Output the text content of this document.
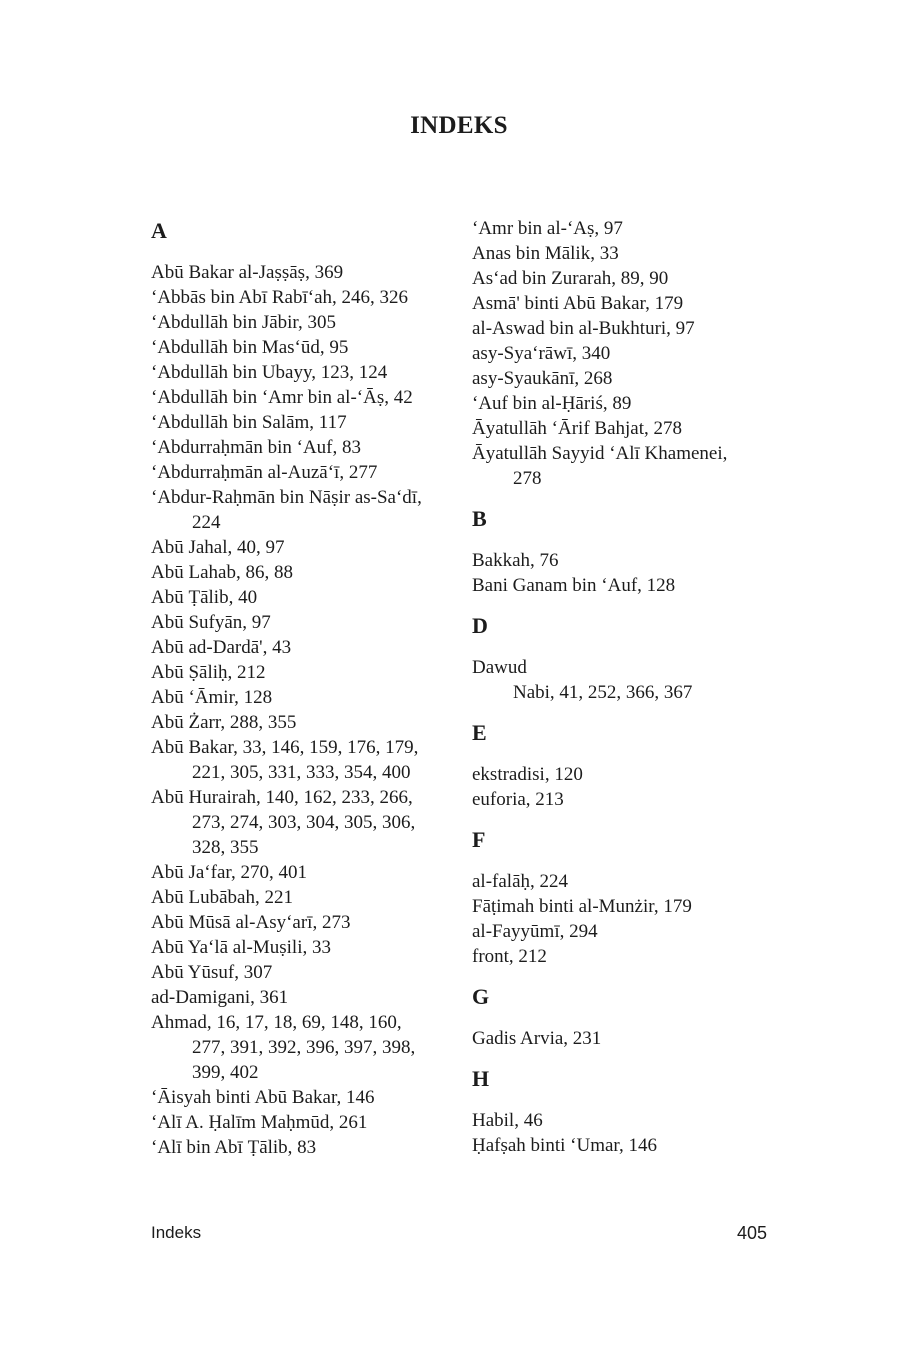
INDEKS
A
Abū Bakar al-Jaṣṣāṣ, 369
‘Abbās bin Abī Rabī‘ah, 246, 326
‘Abdullāh bin Jābir, 305
‘Abdullāh bin Mas‘ūd, 95
‘Abdullāh bin Ubayy, 123, 124
‘Abdullāh bin ‘Amr bin al-‘Āṣ, 42
‘Abdullāh bin Salām, 117
‘Abdurraḥmān bin ‘Auf, 83
‘Abdurraḥmān al-Auzā‘ī, 277
‘Abdur-Raḥmān bin Nāṣir as-Sa‘dī,
224
Abū Jahal, 40, 97
Abū Lahab, 86, 88
Abū Ṭālib, 40
Abū Sufyān, 97
Abū ad-Dardā', 43
Abū Ṣāliḥ, 212
Abū ‘Āmir, 128
Abū Żarr, 288, 355
Abū Bakar, 33, 146, 159, 176, 179,
221, 305, 331, 333, 354, 400
Abū Hurairah, 140, 162, 233, 266,
273, 274, 303, 304, 305, 306,
328, 355
Abū Ja‘far, 270, 401
Abū Lubābah, 221
Abū Mūsā al-Asy‘arī, 273
Abū Ya‘lā al-Muṣili, 33
Abū Yūsuf, 307
ad-Damigani, 361
Ahmad, 16, 17, 18, 69, 148, 160,
277, 391, 392, 396, 397, 398,
399, 402
‘Āisyah binti Abū Bakar, 146
‘Alī A. Ḥalīm Maḥmūd, 261
‘Alī bin Abī Ṭālib, 83
‘Amr bin al-‘Aṣ, 97
Anas bin Mālik, 33
As‘ad bin Zurarah, 89, 90
Asmā' binti Abū Bakar, 179
al-Aswad bin al-Bukhturi, 97
asy-Sya‘rāwī, 340
asy-Syaukānī, 268
‘Auf bin al-Ḥāriś, 89
Āyatullāh ‘Ārif Bahjat, 278
Āyatullāh Sayyid ‘Alī Khamenei,
278
B
Bakkah, 76
Bani Ganam bin ‘Auf, 128
D
Dawud
Nabi, 41, 252, 366, 367
E
ekstradisi, 120
euforia, 213
F
al-falāḥ, 224
Fāṭimah binti al-Munżir, 179
al-Fayyūmī, 294
front, 212
G
Gadis Arvia, 231
H
Habil, 46
Ḥafṣah binti ‘Umar, 146
Indeks	405
